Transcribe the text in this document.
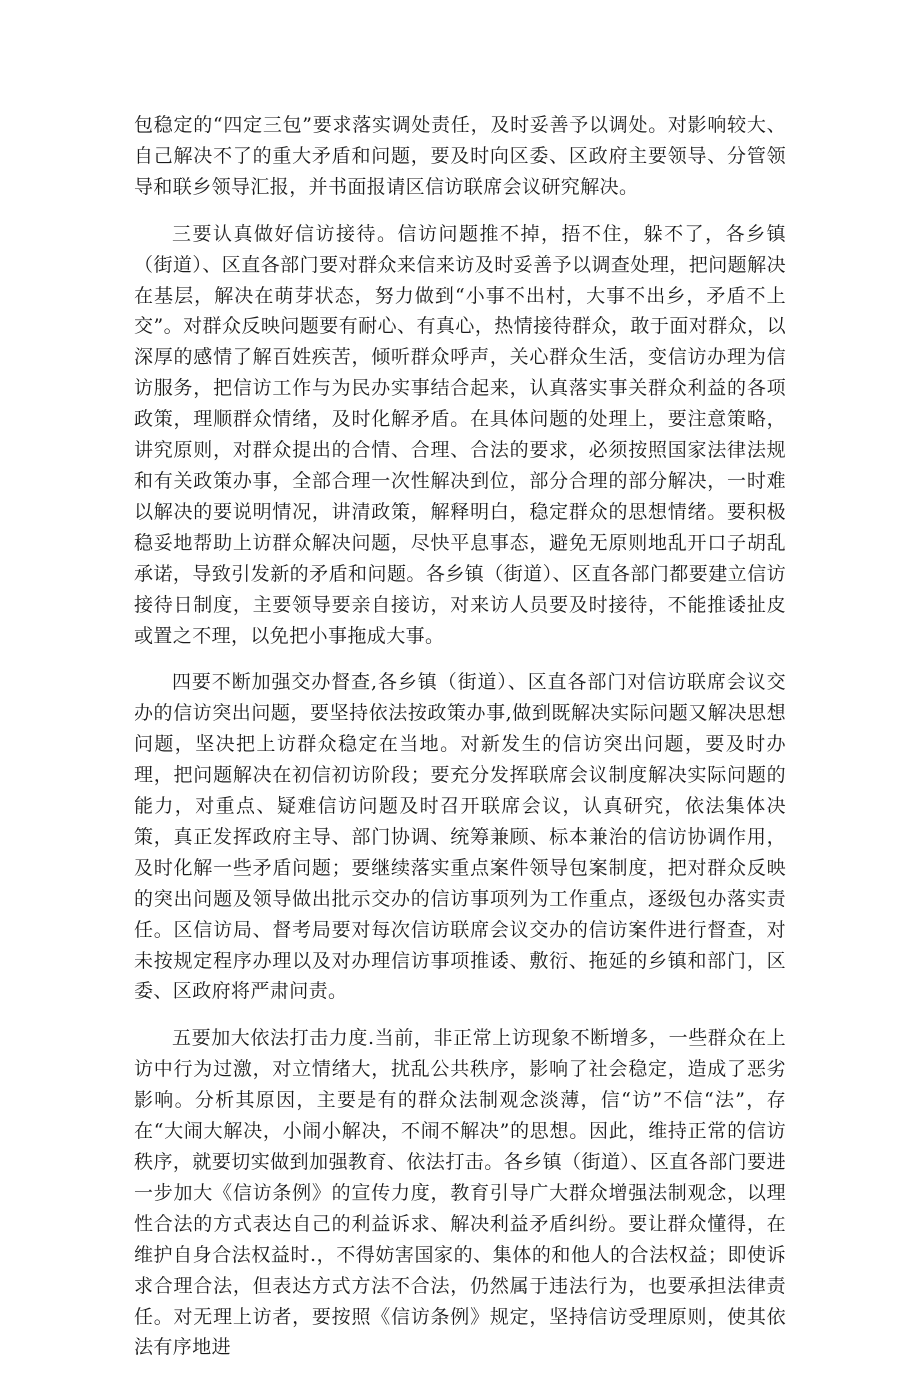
包稳定的“四定三包”要求落实调处责任，及时妥善予以调处。对影响较大、自己解决不了的重大矛盾和问题，要及时向区委、区政府主要领导、分管领导和联乡领导汇报，并书面报请区信访联席会议研究解决。

三要认真做好信访接待。信访问题推不掉，捂不住，躲不了，各乡镇（街道）、区直各部门要对群众来信来访及时妥善予以调查处理，把问题解决在基层，解决在萌芽状态，努力做到“小事不出村，大事不出乡，矛盾不上交”。对群众反映问题要有耐心、有真心，热情接待群众，敢于面对群众，以深厚的感情了解百姓疾苦，倾听群众呼声，关心群众生活，变信访办理为信访服务，把信访工作与为民办实事结合起来，认真落实事关群众利益的各项政策，理顺群众情绪，及时化解矛盾。在具体问题的处理上，要注意策略，讲究原则，对群众提出的合情、合理、合法的要求，必须按照国家法律法规和有关政策办事，全部合理一次性解决到位，部分合理的部分解决，一时难以解决的要说明情况，讲清政策，解释明白，稳定群众的思想情绪。要积极稳妥地帮助上访群众解决问题，尽快平息事态，避免无原则地乱开口子胡乱承诺，导致引发新的矛盾和问题。各乡镇（街道）、区直各部门都要建立信访接待日制度，主要领导要亲自接访，对来访人员要及时接待，不能推诿扯皮或置之不理，以免把小事拖成大事。

四要不断加强交办督查,各乡镇（街道）、区直各部门对信访联席会议交办的信访突出问题，要坚持依法按政策办事,做到既解决实际问题又解决思想问题，坚决把上访群众稳定在当地。对新发生的信访突出问题，要及时办理，把问题解决在初信初访阶段；要充分发挥联席会议制度解决实际问题的能力，对重点、疑难信访问题及时召开联席会议，认真研究，依法集体决策，真正发挥政府主导、部门协调、统筹兼顾、标本兼治的信访协调作用，及时化解一些矛盾问题；要继续落实重点案件领导包案制度，把对群众反映的突出问题及领导做出批示交办的信访事项列为工作重点，逐级包办落实责任。区信访局、督考局要对每次信访联席会议交办的信访案件进行督查，对未按规定程序办理以及对办理信访事项推诿、敷衍、拖延的乡镇和部门，区委、区政府将严肃问责。

五要加大依法打击力度.当前，非正常上访现象不断增多，一些群众在上访中行为过激，对立情绪大，扰乱公共秩序，影响了社会稳定，造成了恶劣影响。分析其原因，主要是有的群众法制观念淡薄，信“访”不信“法”，存在“大闹大解决，小闹小解决，不闹不解决”的思想。因此，维持正常的信访秩序，就要切实做到加强教育、依法打击。各乡镇（街道）、区直各部门要进一步加大《信访条例》的宣传力度，教育引导广大群众增强法制观念，以理性合法的方式表达自己的利益诉求、解决利益矛盾纠纷。要让群众懂得，在维护自身合法权益时.，不得妨害国家的、集体的和他人的合法权益；即使诉求合理合法，但表达方式方法不合法，仍然属于违法行为，也要承担法律责任。对无理上访者，要按照《信访条例》规定，坚持信访受理原则，使其依法有序地进
